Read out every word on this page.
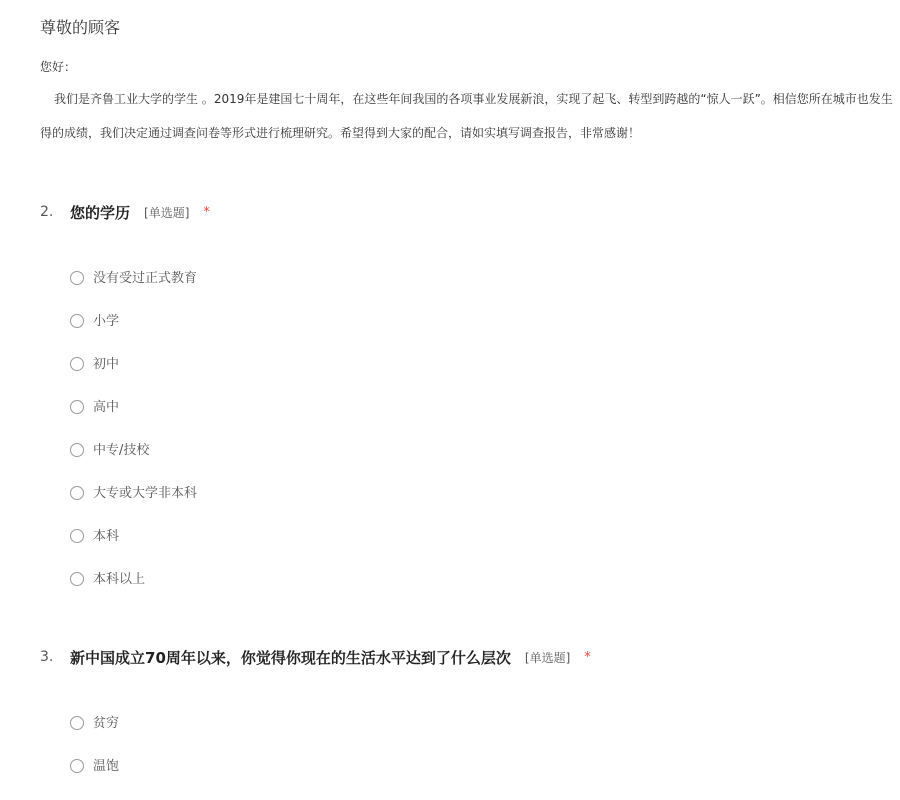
尊敬的顾客
您好：
我们是齐鲁工业大学的学生 。2019年是建国七十周年，在这些年间我国的各项事业发展新浪，实现了起飞、转型到跨越的“惊人一跃”。相信您所在城市也发生
得的成绩，我们决定通过调查问卷等形式进行梳理研究。希望得到大家的配合，请如实填写调查报告，非常感谢！
2.	您的学历 [单选题] *
没有受过正式教育
小学
初中
高中
中专/技校
大专或大学非本科
本科
本科以上
3.	新中国成立70周年以来，你觉得你现在的生活水平达到了什么层次 [单选题] *
贫穷
温饱
